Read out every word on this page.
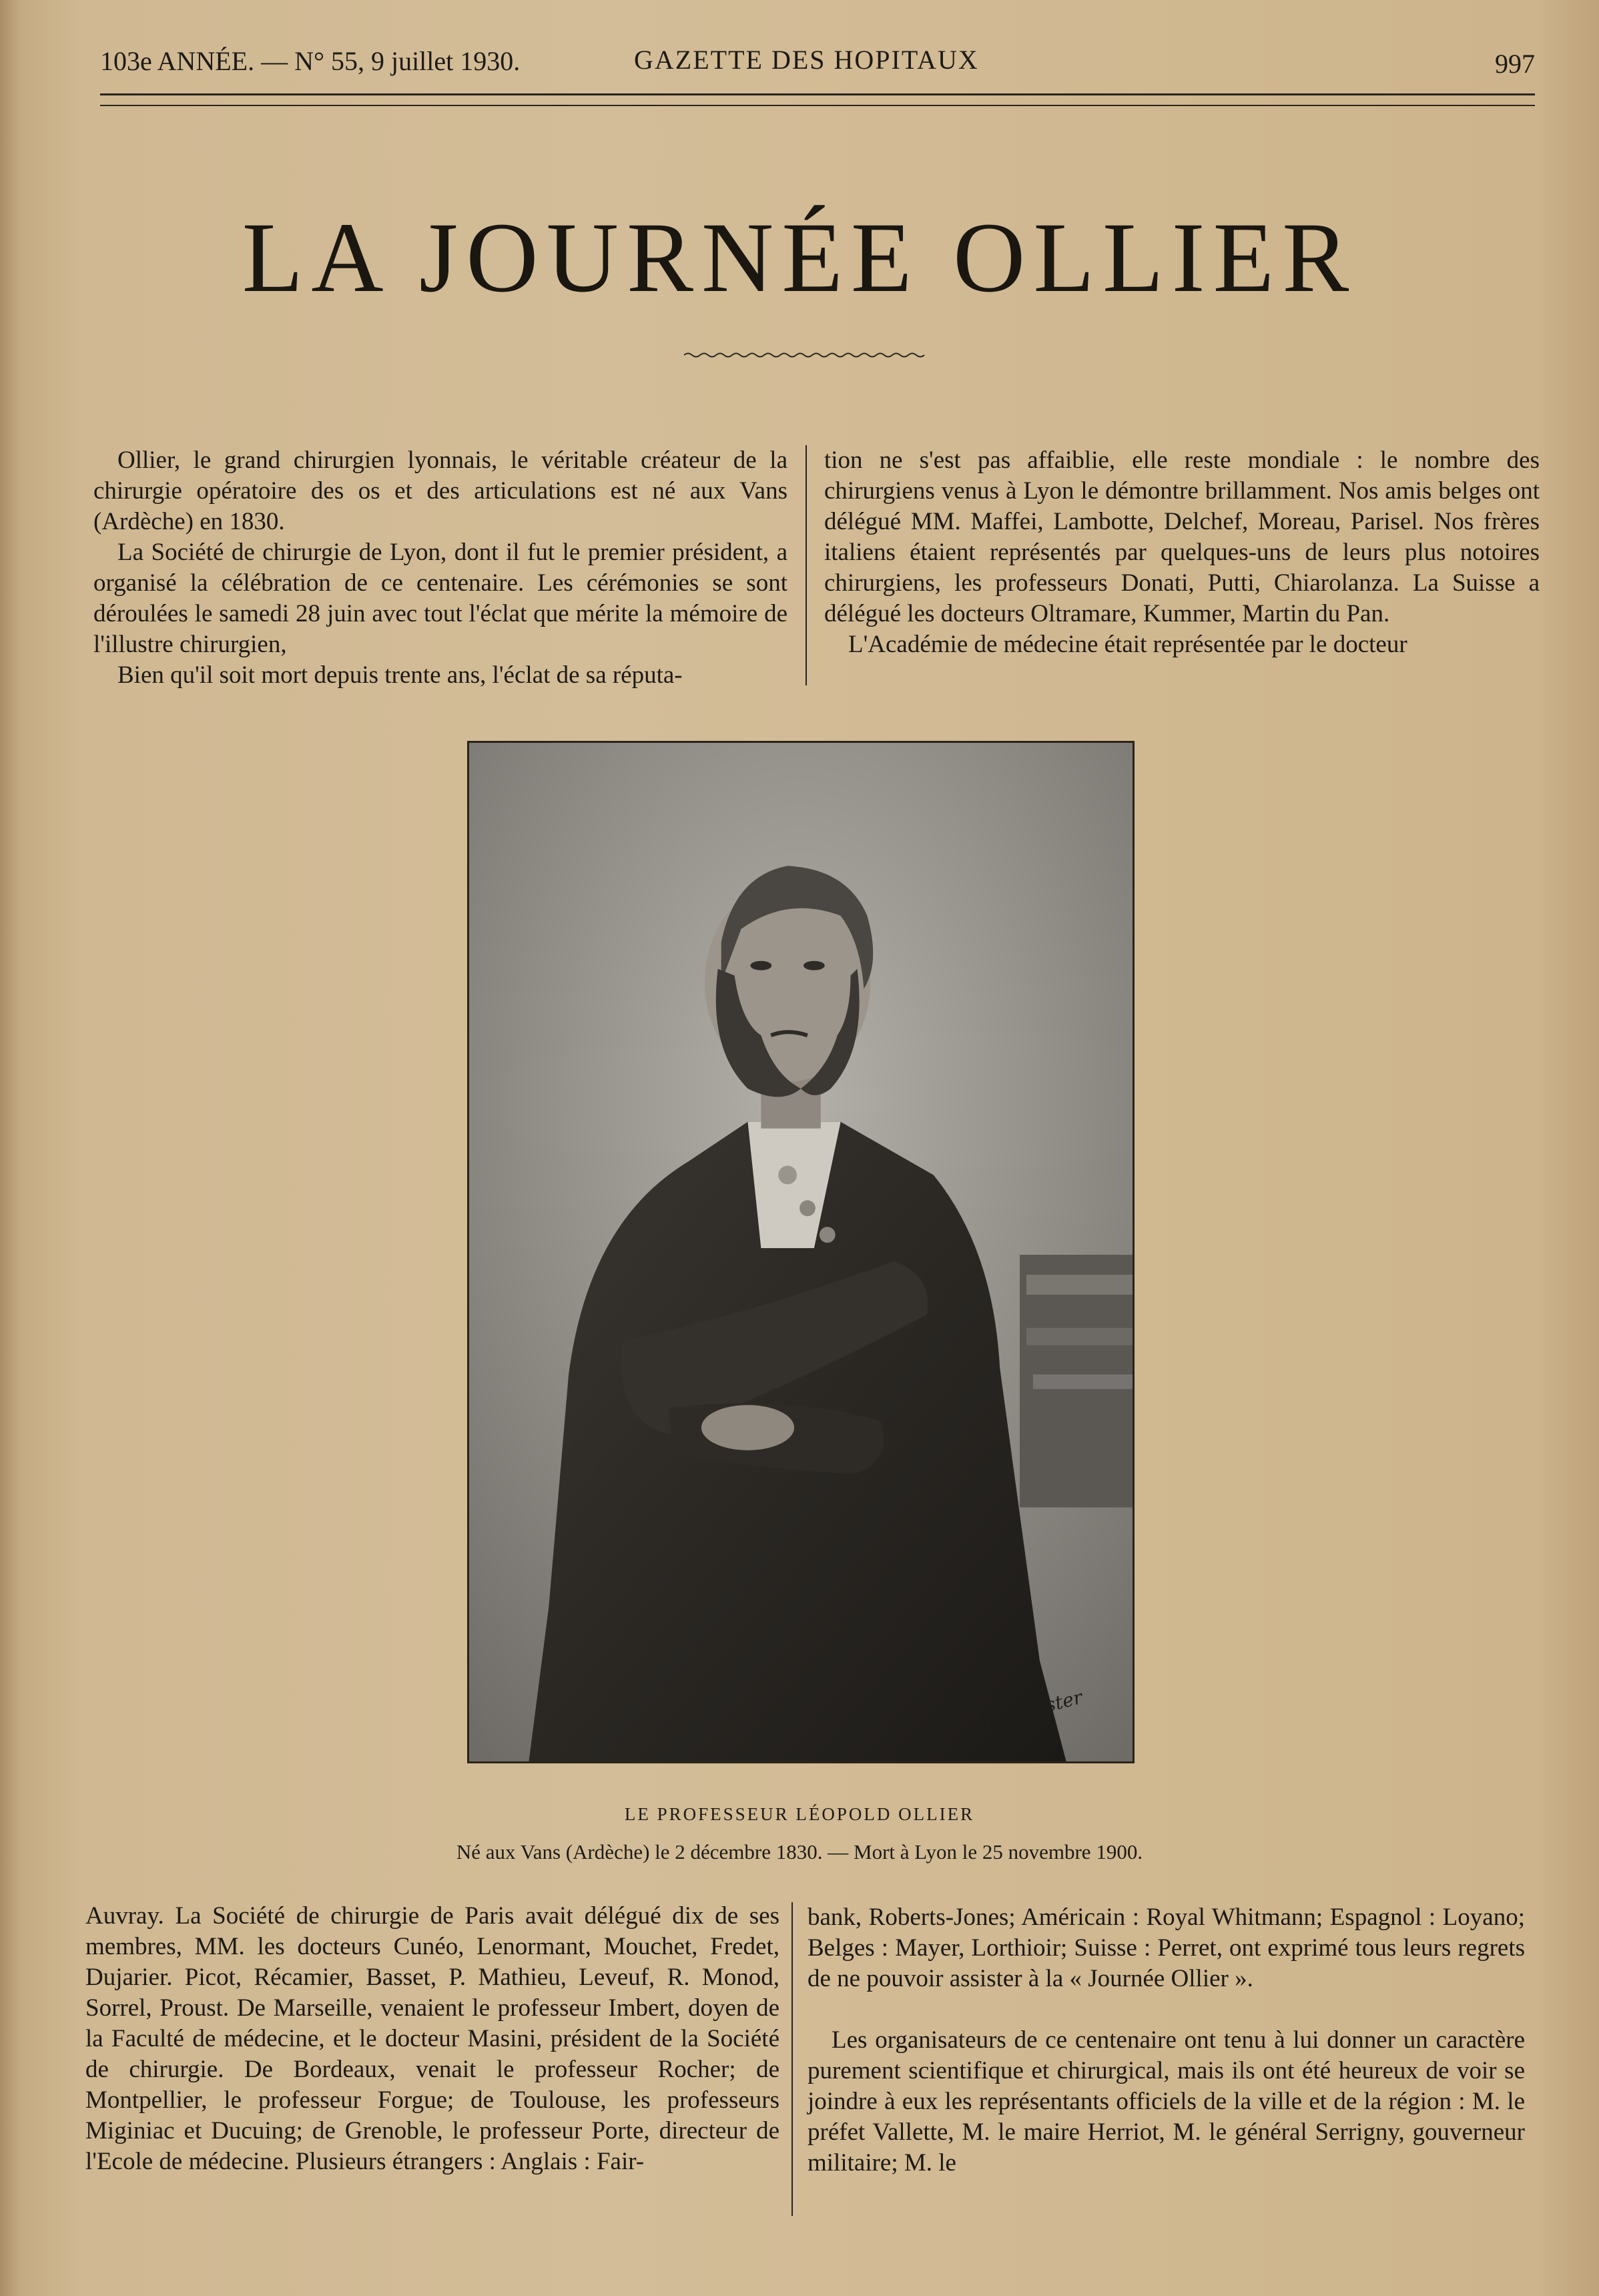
103e ANNÉE. — N° 55, 9 juillet 1930.	GAZETTE DES HOPITAUX	997
LA JOURNÉE OLLIER

Ollier, le grand chirurgien lyonnais, le véritable créateur de la chirurgie opératoire des os et des articulations est né aux Vans (Ardèche) en 1830.

La Société de chirurgie de Lyon, dont il fut le premier président, a organisé la célébration de ce centenaire. Les cérémonies se sont déroulées le samedi 28 juin avec tout l'éclat que mérite la mémoire de l'illustre chirurgien,

Bien qu'il soit mort depuis trente ans, l'éclat de sa réputa-

tion ne s'est pas affaiblie, elle reste mondiale : le nombre des chirurgiens venus à Lyon le démontre brillamment. Nos amis belges ont délégué MM. Maffei, Lambotte, Delchef, Moreau, Parisel. Nos frères italiens étaient représentés par quelques-uns de leurs plus notoires chirurgiens, les professeurs Donati, Putti, Chiarolanza. La Suisse a délégué les docteurs Oltramare, Kummer, Martin du Pan.

L'Académie de médecine était représentée par le docteur

Armbruster
LE PROFESSEUR LÉOPOLD OLLIER
Né aux Vans (Ardèche) le 2 décembre 1830. — Mort à Lyon le 25 novembre 1900.

Auvray. La Société de chirurgie de Paris avait délégué dix de ses membres, MM. les docteurs Cunéo, Lenormant, Mouchet, Fredet, Dujarier. Picot, Récamier, Basset, P. Mathieu, Leveuf, R. Monod, Sorrel, Proust. De Marseille, venaient le professeur Imbert, doyen de la Faculté de médecine, et le docteur Masini, président de la Société de chirurgie. De Bordeaux, venait le professeur Rocher; de Montpellier, le professeur Forgue; de Toulouse, les professeurs Miginiac et Ducuing; de Grenoble, le professeur Porte, directeur de l'Ecole de médecine. Plusieurs étrangers : Anglais : Fair-

bank, Roberts-Jones; Américain : Royal Whitmann; Espagnol : Loyano; Belges : Mayer, Lorthioir; Suisse : Perret, ont exprimé tous leurs regrets de ne pouvoir assister à la « Journée Ollier ».

Les organisateurs de ce centenaire ont tenu à lui donner un caractère purement scientifique et chirurgical, mais ils ont été heureux de voir se joindre à eux les représentants officiels de la ville et de la région : M. le préfet Vallette, M. le maire Herriot, M. le général Serrigny, gouverneur militaire; M. le
